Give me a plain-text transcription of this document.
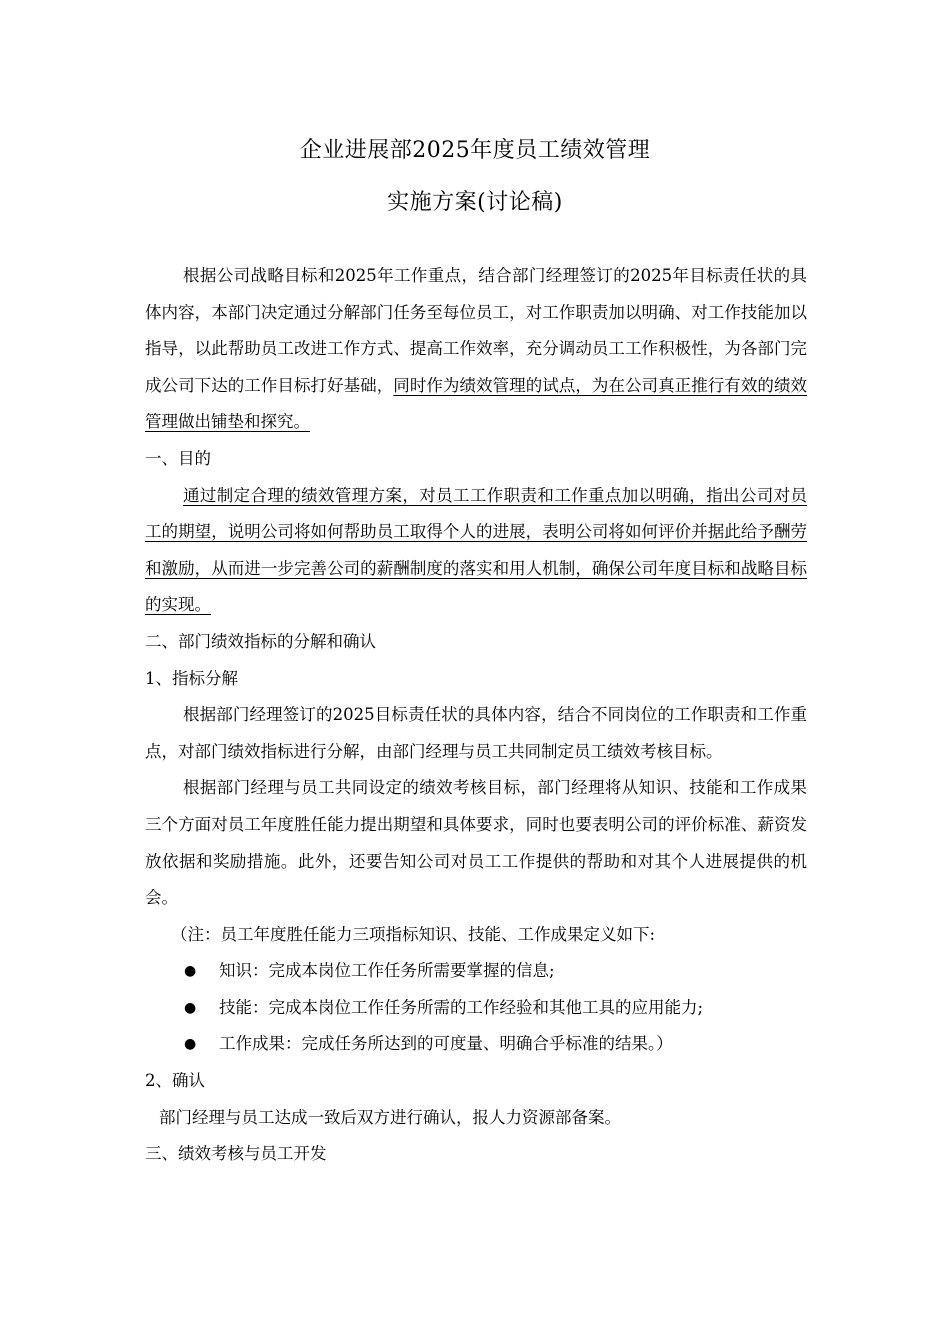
企业进展部2025年度员工绩效管理
实施方案(讨论稿)

根据公司战略目标和2025年工作重点，结合部门经理签订的2025年目标责任状的具体内容，本部门决定通过分解部门任务至每位员工，对工作职责加以明确、对工作技能加以指导，以此帮助员工改进工作方式、提高工作效率，充分调动员工工作积极性，为各部门完成公司下达的工作目标打好基础，同时作为绩效管理的试点，为在公司真正推行有效的绩效管理做出铺垫和探究。

一、目的

通过制定合理的绩效管理方案，对员工工作职责和工作重点加以明确，指出公司对员工的期望，说明公司将如何帮助员工取得个人的进展，表明公司将如何评价并据此给予酬劳和激励，从而进一步完善公司的薪酬制度的落实和用人机制，确保公司年度目标和战略目标的实现。

二、部门绩效指标的分解和确认

1、指标分解

根据部门经理签订的2025目标责任状的具体内容，结合不同岗位的工作职责和工作重点，对部门绩效指标进行分解，由部门经理与员工共同制定员工绩效考核目标。

根据部门经理与员工共同设定的绩效考核目标，部门经理将从知识、技能和工作成果三个方面对员工年度胜任能力提出期望和具体要求，同时也要表明公司的评价标准、薪资发放依据和奖励措施。此外，还要告知公司对员工工作提供的帮助和对其个人进展提供的机会。

（注：员工年度胜任能力三项指标知识、技能、工作成果定义如下:

● 知识：完成本岗位工作任务所需要掌握的信息;

● 技能：完成本岗位工作任务所需的工作经验和其他工具的应用能力;

● 工作成果：完成任务所达到的可度量、明确合乎标准的结果。）

2、确认

部门经理与员工达成一致后双方进行确认，报人力资源部备案。

三、绩效考核与员工开发
